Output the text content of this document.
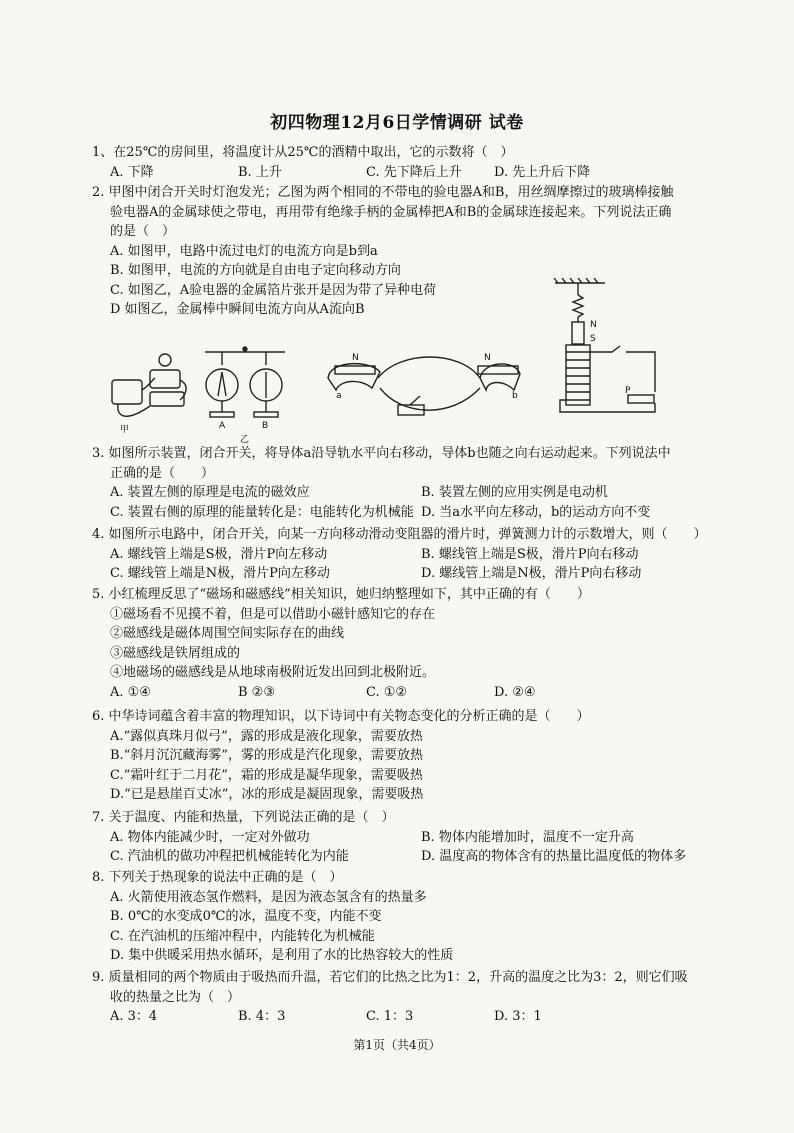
初四物理12月6日学情调研 试卷
1、在25℃的房间里，将温度计从25℃的酒精中取出，它的示数将（　）
A. 下降	B. 上升	C. 先下降后上升	D. 先上升后下降
2. 甲图中闭合开关时灯泡发光；乙图为两个相同的不带电的验电器A和B，用丝绸摩擦过的玻璃棒接触
验电器A的金属球使之带电，再用带有绝缘手柄的金属棒把A和B的金属球连接起来。下列说法正确
的是（　）
A. 如图甲，电路中流过电灯的电流方向是b到a
B. 如图甲，电流的方向就是自由电子定向移动方向
C. 如图乙，A验电器的金属箔片张开是因为带了异种电荷
D 如图乙，金属棒中瞬间电流方向从A流向B
甲	A	B
乙
N	N
a	b
N
S
P
3. 如图所示装置，闭合开关，将导体a沿导轨水平向右移动，导体b也随之向右运动起来。下列说法中
正确的是（　　）
A. 装置左侧的原理是电流的磁效应	B. 装置左侧的应用实例是电动机
C. 装置右侧的原理的能量转化是：电能转化为机械能 D. 当a水平向左移动，b的运动方向不变
4. 如图所示电路中，闭合开关，向某一方向移动滑动变阻器的滑片时，弹簧测力计的示数增大，则（　　）
A. 螺线管上端是S极，滑片P向左移动	B. 螺线管上端是S极，滑片P向右移动
C. 螺线管上端是N极，滑片P向左移动	D. 螺线管上端是N极，滑片P向右移动
5. 小红梳理反思了“磁场和磁感线”相关知识，她归纳整理如下，其中正确的有（　　）
①磁场看不见摸不着，但是可以借助小磁针感知它的存在
②磁感线是磁体周围空间实际存在的曲线
③磁感线是铁屑组成的
④地磁场的磁感线是从地球南极附近发出回到北极附近。
A. ①④	B ②③	C. ①②	D. ②④
6. 中华诗词蕴含着丰富的物理知识，以下诗词中有关物态变化的分析正确的是（　　）
A.“露似真珠月似弓”，露的形成是液化现象，需要放热
B.“斜月沉沉藏海雾”，雾的形成是汽化现象，需要放热
C.“霜叶红于二月花”，霜的形成是凝华现象，需要吸热
D.“已是悬崖百丈冰”，冰的形成是凝固现象，需要吸热
7. 关于温度、内能和热量，下列说法正确的是（　）
A. 物体内能减少时，一定对外做功	B. 物体内能增加时，温度不一定升高
C. 汽油机的做功冲程把机械能转化为内能	D. 温度高的物体含有的热量比温度低的物体多
8. 下列关于热现象的说法中正确的是（　）
A. 火箭使用液态氢作燃料，是因为液态氢含有的热量多
B. 0℃的水变成0℃的冰，温度不变，内能不变
C. 在汽油机的压缩冲程中，内能转化为机械能
D. 集中供暖采用热水循环，是利用了水的比热容较大的性质
9. 质量相同的两个物质由于吸热而升温，若它们的比热之比为1：2，升高的温度之比为3：2，则它们吸
收的热量之比为（　）
A. 3：4	B. 4：3	C. 1：3	D. 3：1
第1页（共4页）
